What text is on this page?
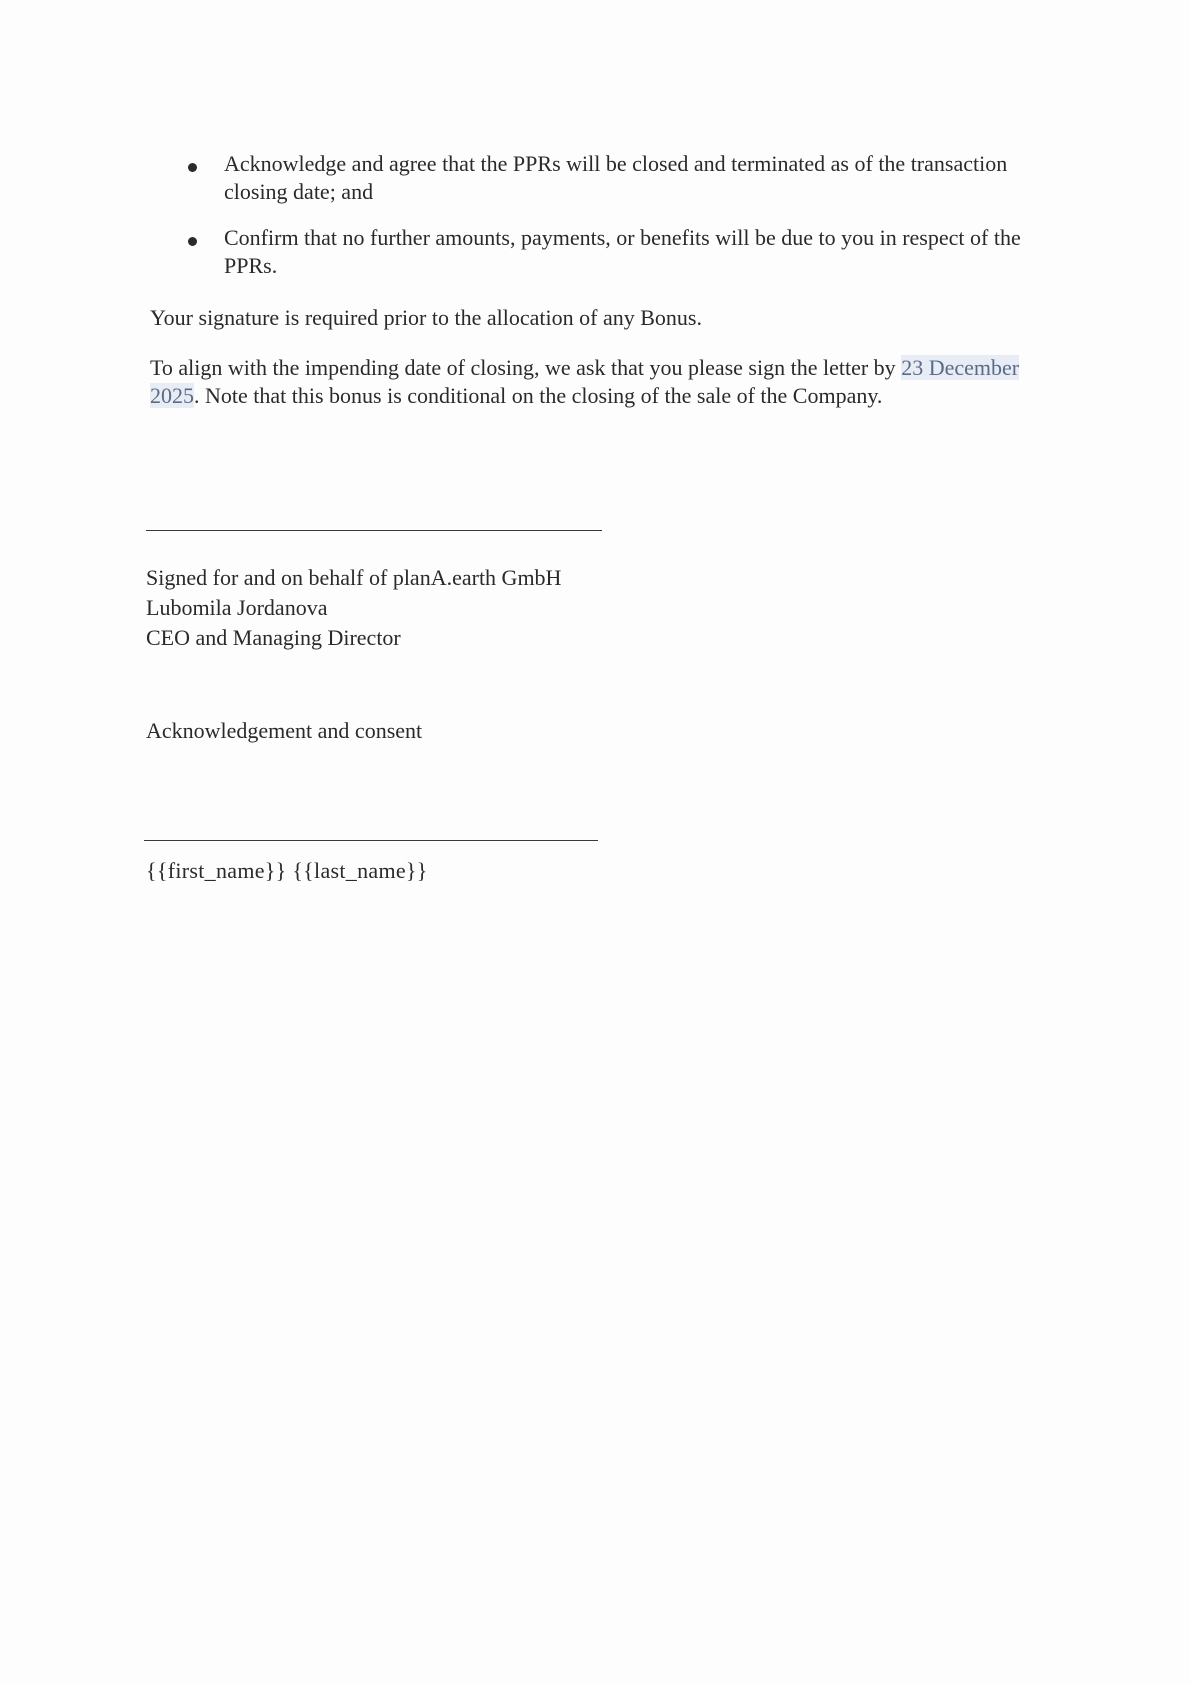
Acknowledge and agree that the PPRs will be closed and terminated as of the transaction closing date; and
Confirm that no further amounts, payments, or benefits will be due to you in respect of the PPRs.

Your signature is required prior to the allocation of any Bonus.

To align with the impending date of closing, we ask that you please sign the letter by 23 December 2025. Note that this bonus is conditional on the closing of the sale of the Company.

Signed for and on behalf of planA.earth GmbH
Lubomila Jordanova
CEO and Managing Director
Acknowledgement and consent
{{first_name}} {{last_name}}
